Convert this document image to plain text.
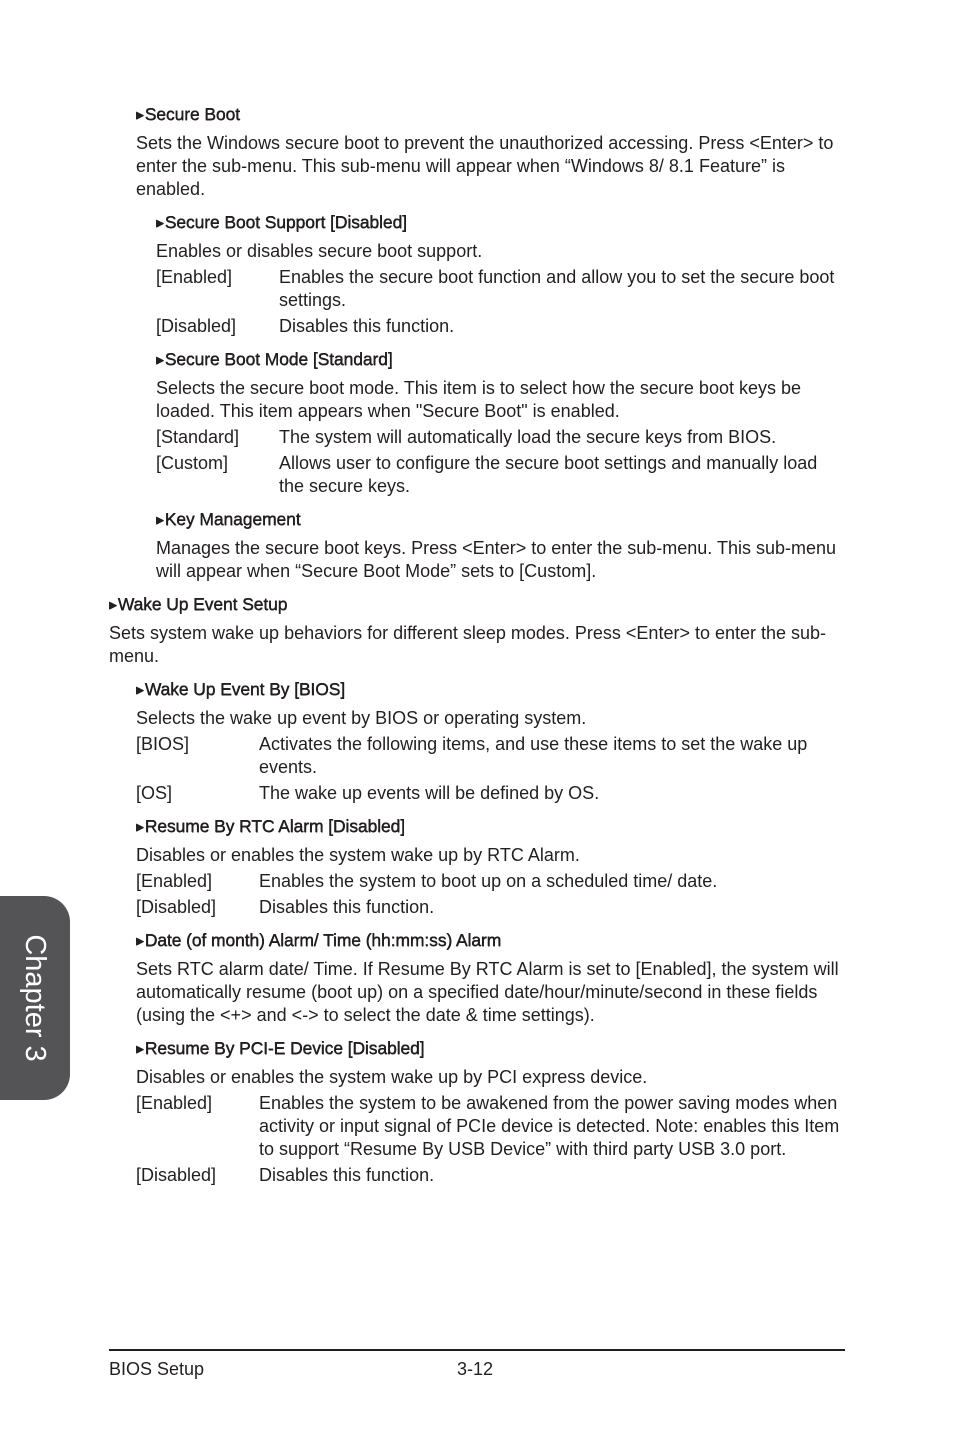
▶Secure Boot

Sets the Windows secure boot to prevent the unauthorized accessing. Press <Enter> to enter the sub-menu. This sub-menu will appear when “Windows 8/ 8.1 Feature” is enabled.

▶Secure Boot Support [Disabled]

Enables or disables secure boot support.

[Enabled]	Enables the secure boot function and allow you to set the secure boot settings.
[Disabled]	Disables this function.
▶Secure Boot Mode [Standard]

Selects the secure boot mode. This item is to select how the secure boot keys be loaded. This item appears when "Secure Boot" is enabled.

[Standard]	The system will automatically load the secure keys from BIOS.
[Custom]	Allows user to configure the secure boot settings and manually load the secure keys.
▶Key Management

Manages the secure boot keys. Press <Enter> to enter the sub-menu. This sub-menu will appear when “Secure Boot Mode” sets to [Custom].

▶Wake Up Event Setup

Sets system wake up behaviors for different sleep modes. Press <Enter> to enter the sub-menu.

▶Wake Up Event By [BIOS]

Selects the wake up event by BIOS or operating system.

[BIOS]	Activates the following items, and use these items to set the wake up events.
[OS]	The wake up events will be defined by OS.
▶Resume By RTC Alarm [Disabled]

Disables or enables the system wake up by RTC Alarm.

[Enabled]	Enables the system to boot up on a scheduled time/ date.
[Disabled]	Disables this function.
▶Date (of month) Alarm/ Time (hh:mm:ss) Alarm

Sets RTC alarm date/ Time. If Resume By RTC Alarm is set to [Enabled], the system will automatically resume (boot up) on a specified date/hour/minute/second in these fields (using the <+> and <-> to select the date & time settings).

▶Resume By PCI-E Device [Disabled]

Disables or enables the system wake up by PCI express device.

[Enabled]	Enables the system to be awakened from the power saving modes when activity or input signal of PCIe device is detected. Note: enables this Item to support “Resume By USB Device” with third party USB 3.0 port.
[Disabled]	Disables this function.
Chapter 3
BIOS Setup	3-12
